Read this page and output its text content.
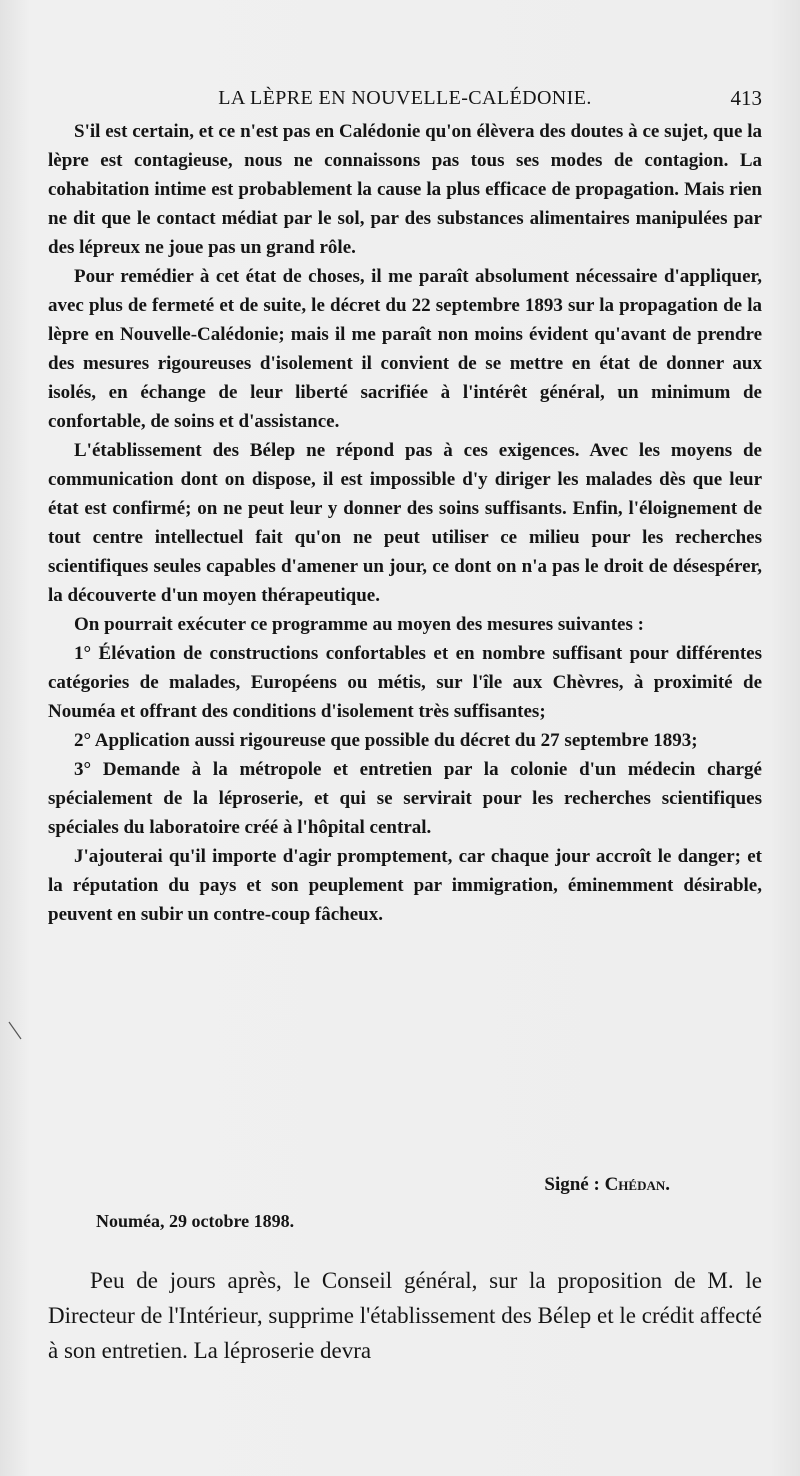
LA LÈPRE EN NOUVELLE-CALÉDONIE.	413

S'il est certain, et ce n'est pas en Calédonie qu'on élèvera des doutes à ce sujet, que la lèpre est contagieuse, nous ne connaissons pas tous ses modes de contagion. La cohabitation intime est probablement la cause la plus efficace de propagation. Mais rien ne dit que le contact médiat par le sol, par des substances alimentaires manipulées par des lépreux ne joue pas un grand rôle.

Pour remédier à cet état de choses, il me paraît absolument nécessaire d'appliquer, avec plus de fermeté et de suite, le décret du 22 septembre 1893 sur la propagation de la lèpre en Nouvelle-Calédonie; mais il me paraît non moins évident qu'avant de prendre des mesures rigoureuses d'isolement il convient de se mettre en état de donner aux isolés, en échange de leur liberté sacrifiée à l'intérêt général, un minimum de confortable, de soins et d'assistance.

L'établissement des Bélep ne répond pas à ces exigences. Avec les moyens de communication dont on dispose, il est impossible d'y diriger les malades dès que leur état est confirmé; on ne peut leur y donner des soins suffisants. Enfin, l'éloignement de tout centre intellectuel fait qu'on ne peut utiliser ce milieu pour les recherches scientifiques seules capables d'amener un jour, ce dont on n'a pas le droit de désespérer, la découverte d'un moyen thérapeutique.

On pourrait exécuter ce programme au moyen des mesures suivantes :

1° Élévation de constructions confortables et en nombre suffisant pour différentes catégories de malades, Européens ou métis, sur l'île aux Chèvres, à proximité de Nouméa et offrant des conditions d'isolement très suffisantes;

2° Application aussi rigoureuse que possible du décret du 27 septembre 1893;

3° Demande à la métropole et entretien par la colonie d'un médecin chargé spécialement de la léproserie, et qui se servirait pour les recherches scientifiques spéciales du laboratoire créé à l'hôpital central.

J'ajouterai qu'il importe d'agir promptement, car chaque jour accroît le danger; et la réputation du pays et son peuplement par immigration, éminemment désirable, peuvent en subir un contre-coup fâcheux.

Signé : Chédan.
Nouméa, 29 octobre 1898.

Peu de jours après, le Conseil général, sur la proposition de M. le Directeur de l'Intérieur, supprime l'établissement des Bélep et le crédit affecté à son entretien. La léproserie devra
